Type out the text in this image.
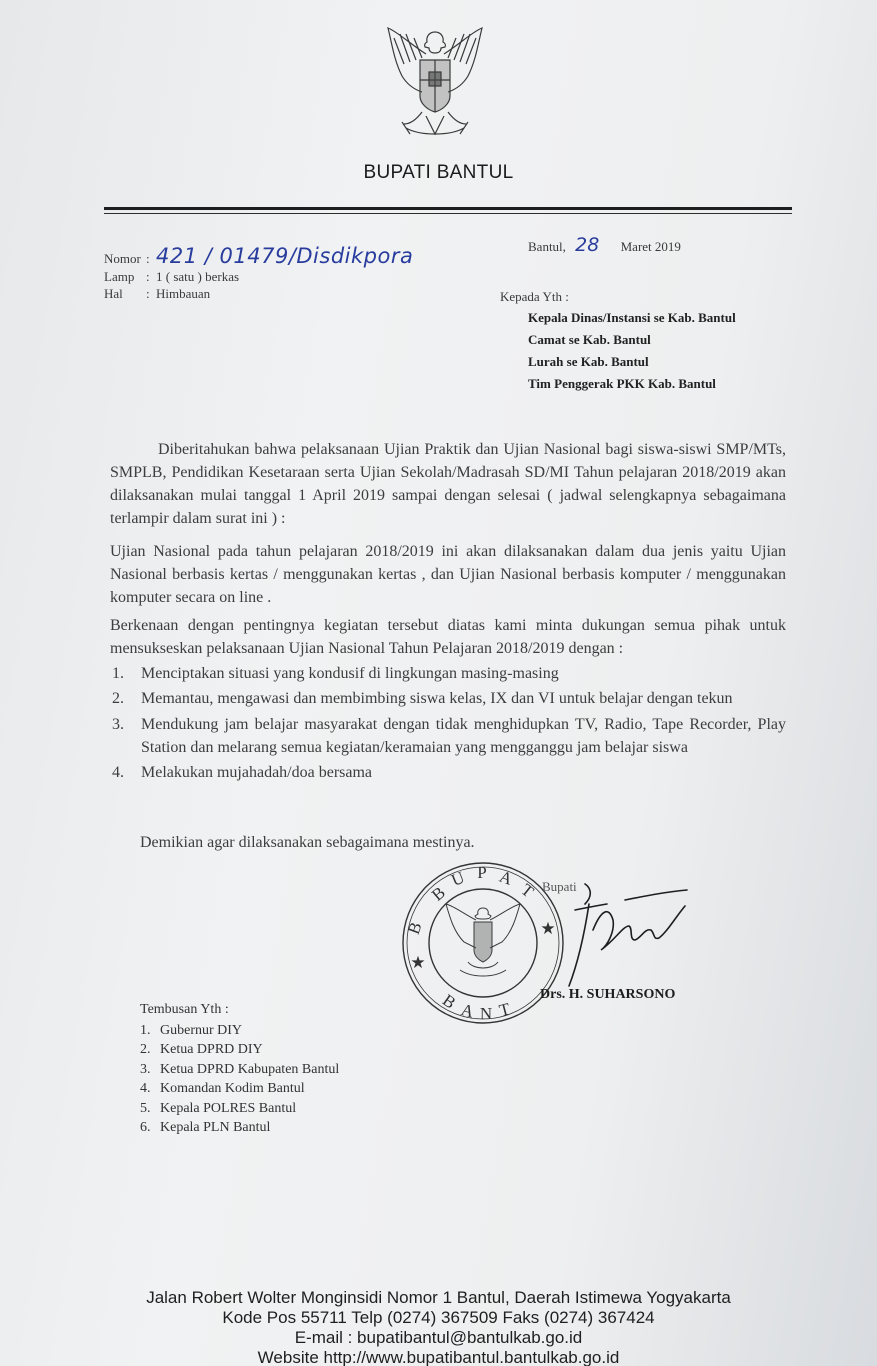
BUPATI BANTUL
Nomor : 421 / 01479/Disdikpora
Lamp : 1 ( satu ) berkas
Hal : Himbauan
Bantul, 28 Maret 2019
Kepada Yth :
Kepala Dinas/Instansi se Kab. Bantul
Camat se Kab. Bantul
Lurah se Kab. Bantul
Tim Penggerak PKK Kab. Bantul
Diberitahukan bahwa pelaksanaan Ujian Praktik dan Ujian Nasional bagi siswa-siswi SMP/MTs, SMPLB, Pendidikan Kesetaraan serta Ujian Sekolah/Madrasah SD/MI Tahun pelajaran 2018/2019 akan dilaksanakan mulai tanggal 1 April 2019 sampai dengan selesai ( jadwal selengkapnya sebagaimana terlampir dalam surat ini ) :
Ujian Nasional pada tahun pelajaran 2018/2019 ini akan dilaksanakan dalam dua jenis yaitu Ujian Nasional berbasis kertas / menggunakan kertas , dan Ujian Nasional berbasis komputer / menggunakan komputer secara on line .
Berkenaan dengan pentingnya kegiatan tersebut diatas kami minta dukungan semua pihak untuk mensukseskan pelaksanaan Ujian Nasional Tahun Pelajaran 2018/2019 dengan :
1. Menciptakan situasi yang kondusif di lingkungan masing-masing
2. Memantau, mengawasi dan membimbing siswa kelas, IX dan VI untuk belajar dengan tekun
3. Mendukung jam belajar masyarakat dengan tidak menghidupkan TV, Radio, Tape Recorder, Play Station dan melarang semua kegiatan/keramaian yang mengganggu jam belajar siswa
4. Melakukan mujahadah/doa bersama
Demikian agar dilaksanakan sebagaimana mestinya.
B
U P A
T
B
B A N T
★
★
Bupati
Drs. H. SUHARSONO
Tembusan Yth :
1. Gubernur DIY
2. Ketua DPRD DIY
3. Ketua DPRD Kabupaten Bantul
4. Komandan Kodim Bantul
5. Kepala POLRES Bantul
6. Kepala PLN Bantul
Jalan Robert Wolter Monginsidi Nomor 1 Bantul, Daerah Istimewa Yogyakarta
Kode Pos 55711 Telp (0274) 367509 Faks (0274) 367424
E-mail : bupatibantul@bantulkab.go.id
Website http://www.bupatibantul.bantulkab.go.id
